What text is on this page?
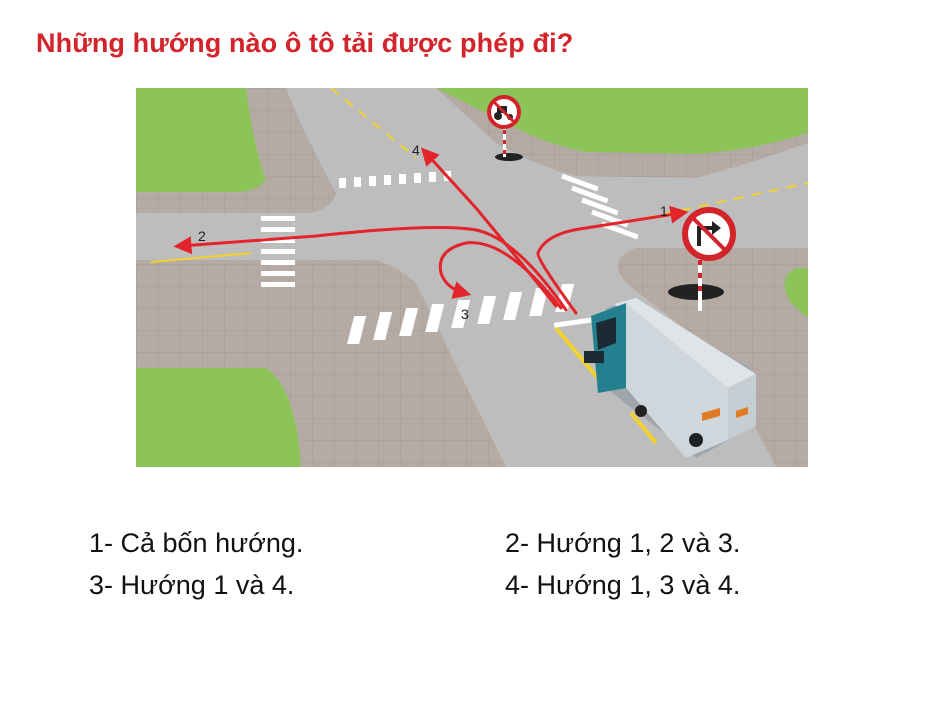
Những hướng nào ô tô tải được phép đi?
1
2
3
4
1- Cả bốn hướng.	2- Hướng 1, 2 và 3.
3- Hướng 1 và 4.	4- Hướng 1, 3 và 4.
